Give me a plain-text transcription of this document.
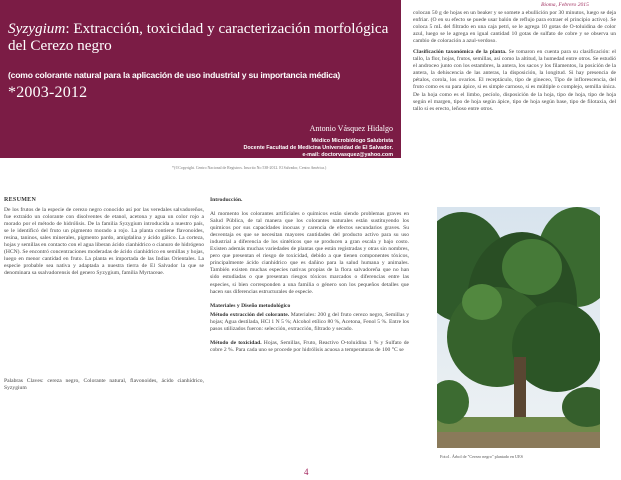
Syzygium: Extracción, toxicidad y caracterización morfológica del Cerezo negro
(como colorante natural para la aplicación de uso industrial y su importancia médica)
*2003-2012
Antonio Vásquez Hidalgo
Médico Microbiólogo Salubrista
Docente Facultad de Medicina Universidad de El Salvador.
e-mail: doctorvasquez@yahoo.com
Bioma, Febrero 2015
*(©Copyright. Centro Nacional de Registros. Inscrito No 538-2012. El Salvador, Centro América.)
RESUMEN

De los frutos de la especie de cerezo negro conocido así por las veredales salvadoreños, fue extraído un colorante con disolventes de etanol, acetona y agua un color rojo a morado por el método de hidrólisis. De la familia Syzygium introducida a nuestro país, se le identificó del fruto un pigmento morado a rojo. La planta contiene flavonoides, resina, taninos, sales minerales, pigmento pardo, amigdalina y ácido gálico. La corteza, hojas y semillas en contacto con el agua liberan ácido cianhídrico o cianuro de hidrógeno (HCN). Se encontró concentraciones moderadas de ácido cianhídrico en semillas y hojas, luego en menor cantidad en fruto. La planta es importada de las Indias Orientales. La especie probable sea nativa y adaptada a nuestra tierra de El Salvador la que se denominara sa ssalvadorensis del genero Syzygium, familia Myrtaceae.

Palabras Claves: cereza negro, Colorante natural, flavonoides, ácido cianhídrico, Syzygium

Introducción.

Al momento los colorantes artificiales o químicos están siendo problemas graves en Salud Pública, de tal manera que los colorantes naturales están sustituyendo los químicos por sus capacidades inocuas y carencia de efectos secundarios graves. Su desventaja es que se necesitan mayores cantidades del producto activo para su uso industrial a diferencia de los sintéticos que se producen a gran escala y bajo costo. Existen además muchas variedades de plantas que están registradas y otras sin nombres, pero que presentan el riesgo de toxicidad, debido a que tienen componentes tóxicos, principalmente ácido cianhídrico que es dañino para la salud humana y animales. También existen muchas especies nativas propias de la flora salvadoreña que no han sido estudiadas o que presentan riesgos tóxicos marcados o diferencias entre las especies, si bien corresponden a una familia o género son los pequeños detalles que hacen sus diferencias estructurales de especie.

Materiales y Diseño metodológico

Método extracción del colorante. Materiales: 200 g del fruto cerezo negro, Semillas y hojas; Agua destilada, HCl 1 N 5 %; Alcohol etílico 80 %, Acetona, Fenol 5 %. Entre los pasos utilizados fueron: selección, extracción, filtrado y secado.

Método de toxicidad. Hojas, Semillas, Fruto, Reactivo O-toluidina 1 % y Sulfato de cobre 2 %. Para cada uno se procede por hidrólisis acuosa a temperaturas de 100 °C se

colocan 50 g de hojas en un beaker y se somete a ebullición por 30 minutos, luego se deja enfriar. (O en su efecto se puede usar balón de reflujo para extraer el principio activo). Se coloca 5 mL del filtrado en una caja petri, se le agrega 10 gotas de O-toluidina de color azul, luego se le agrega en igual cantidad 10 gotas de sulfato de cobre y se observa un cambio de coloración a azul-verdoso.

Clasificación taxonómica de la planta. Se tomaron en cuenta para su clasificación: el tallo, la flor, hojas, frutos, semillas, así como la altitud, la humedad entre otros. Se estudió el androceo junto con los estambres, la antera, los sacos y los filamentos, la posición de la antera, la dehiscencia de las anteras, la disposición, la longitud. Si hay presencia de pétalos, corola, los ovarios. El receptáculo, tipo de gineceo, Tipo de inflorescencia, del fruto como es su para ápice, si es simple carnoso, si es múltiple o complejo, semilla única. De la hoja como es el limbo, pecíolo, disposición de la hoja, tipo de hoja, tipo de hoja según el margen, tipo de hoja según ápice, tipo de hoja según base, tipo de filotaxia, del tallo si es erecto, leñoso entre otros.

Foto1. Árbol de "Cerezo negro" plantado en UES
4
